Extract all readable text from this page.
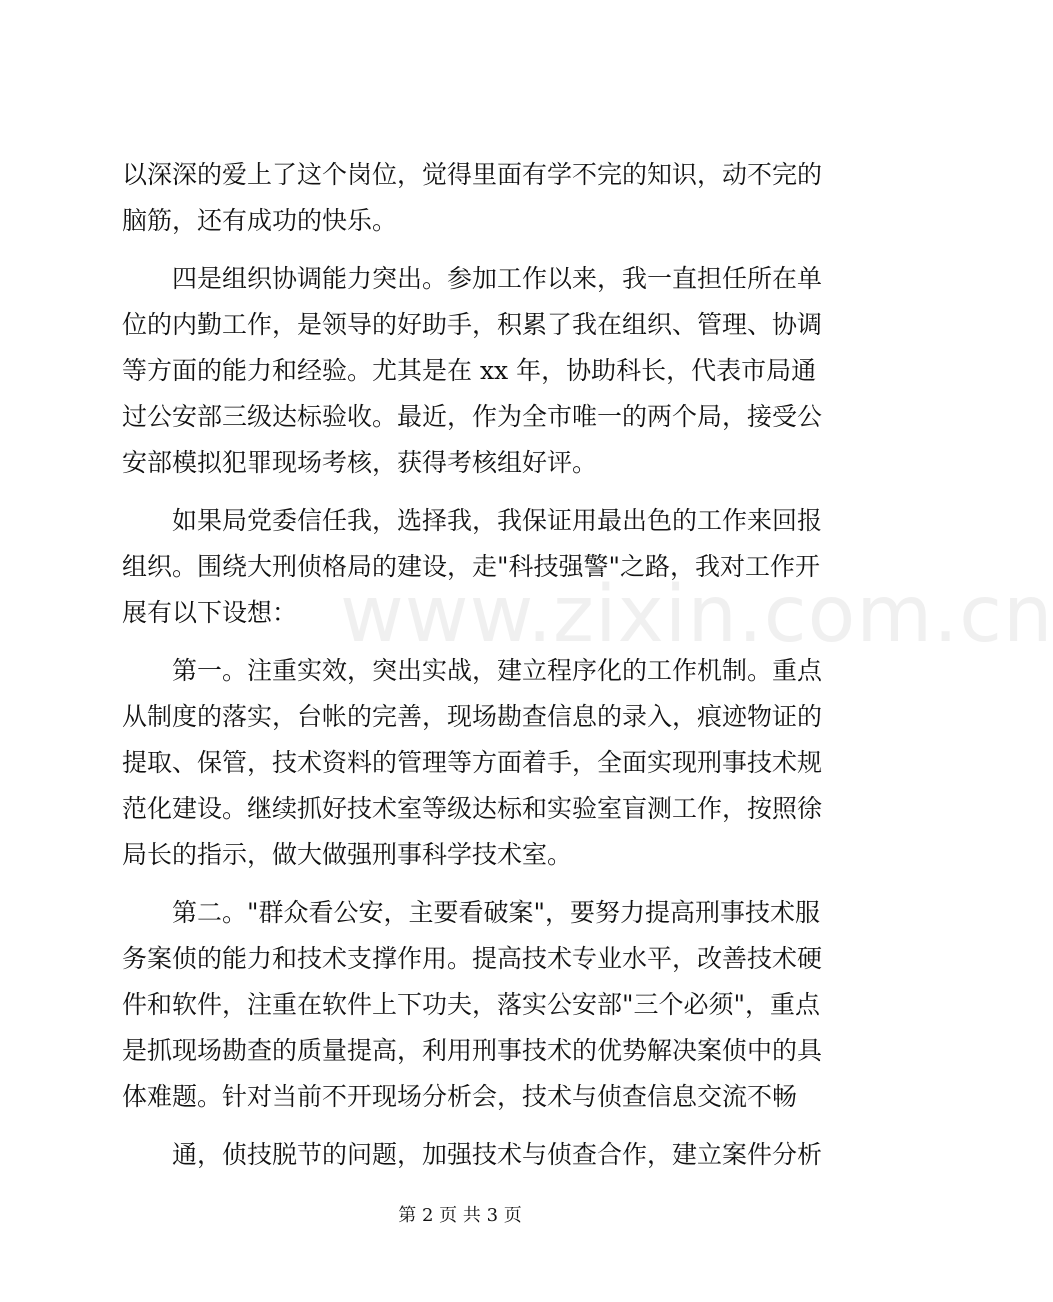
www.zixin.com.cn
以深深的爱上了这个岗位，觉得里面有学不完的知识，动不完的
脑筋，还有成功的快乐。
四是组织协调能力突出。参加工作以来，我一直担任所在单
位的内勤工作，是领导的好助手，积累了我在组织、管理、协调
等方面的能力和经验。尤其是在 xx 年，协助科长，代表市局通
过公安部三级达标验收。最近，作为全市唯一的两个局，接受公
安部模拟犯罪现场考核，获得考核组好评。
如果局党委信任我，选择我，我保证用最出色的工作来回报
组织。围绕大刑侦格局的建设，走"科技强警"之路，我对工作开
展有以下设想：
第一。注重实效，突出实战，建立程序化的工作机制。重点
从制度的落实，台帐的完善，现场勘查信息的录入，痕迹物证的
提取、保管，技术资料的管理等方面着手，全面实现刑事技术规
范化建设。继续抓好技术室等级达标和实验室盲测工作，按照徐
局长的指示，做大做强刑事科学技术室。
第二。"群众看公安，主要看破案"，要努力提高刑事技术服
务案侦的能力和技术支撑作用。提高技术专业水平，改善技术硬
件和软件，注重在软件上下功夫，落实公安部"三个必须"，重点
是抓现场勘查的质量提高，利用刑事技术的优势解决案侦中的具
体难题。针对当前不开现场分析会，技术与侦查信息交流不畅
通，侦技脱节的问题，加强技术与侦查合作，建立案件分析
第 2 页 共 3 页
